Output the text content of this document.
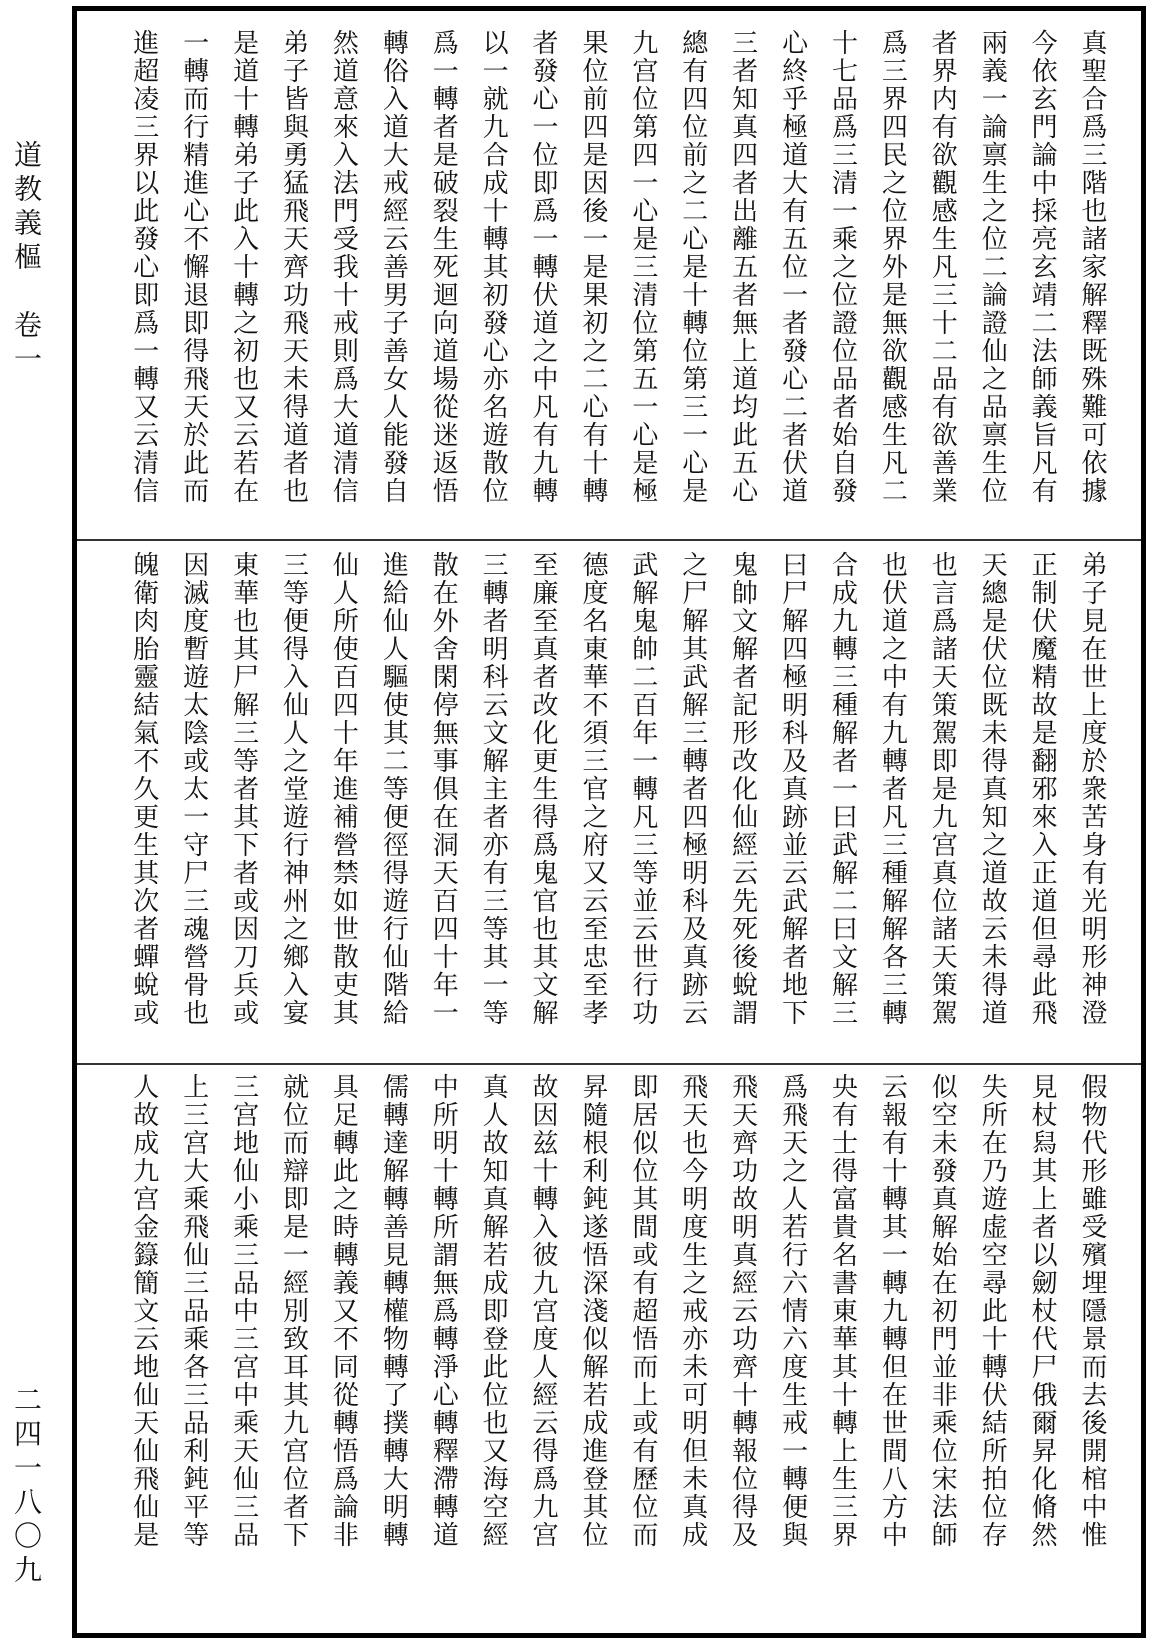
道教義樞　卷一
二四一八〇九
真聖合爲三階也諸家解釋既殊難可依據
今依玄門論中採亮玄靖二法師義旨凡有
兩義一論禀生之位二論證仙之品禀生位
者界内有欲觀感生凡三十二品有欲善業
爲三界四民之位界外是無欲觀感生凡二
十七品爲三清一乘之位證位品者始自發
心終乎極道大有五位一者發心二者伏道
三者知真四者出離五者無上道均此五心
總有四位前之二心是十轉位第三一心是
九宫位第四一心是三清位第五一心是極
果位前四是因後一是果初之二心有十轉
者發心一位即爲一轉伏道之中凡有九轉
以一就九合成十轉其初發心亦名遊散位
爲一轉者是破裂生死迴向道場從迷返悟
轉俗入道大戒經云善男子善女人能發自
然道意來入法門受我十戒則爲大道清信
弟子皆與勇猛飛天齊功飛天未得道者也
是道十轉弟子此入十轉之初也又云若在
一轉而行精進心不懈退即得飛天於此而
進超凌三界以此發心即爲一轉又云清信
弟子見在世上度於衆苦身有光明形神澄
正制伏魔精故是翻邪來入正道但尋此飛
天總是伏位既未得真知之道故云未得道
也言爲諸天策駕即是九宫真位諸天策駕
也伏道之中有九轉者凡三種解解各三轉
合成九轉三種解者一曰武解二曰文解三
曰尸解四極明科及真跡並云武解者地下
鬼帥文解者記形改化仙經云先死後蛻謂
之尸解其武解三轉者四極明科及真跡云
武解鬼帥二百年一轉凡三等並云世行功
德度名東華不須三官之府又云至忠至孝
至廉至真者改化更生得爲鬼官也其文解
三轉者明科云文解主者亦有三等其一等
散在外舍閑停無事俱在洞天百四十年一
進給仙人驅使其二等便徑得遊行仙階給
仙人所使百四十年進補營禁如世散吏其
三等便得入仙人之堂遊行神州之鄉入宴
東華也其尸解三等者其下者或因刀兵或
因滅度暫遊太陰或太一守尸三魂營骨也
魄衛肉胎靈結氣不久更生其次者蟬蛻或
假物代形雖受殯埋隱景而去後開棺中惟
見杖舄其上者以劒杖代尸俄爾昇化脩然
失所在乃遊虚空尋此十轉伏結所拍位存
似空未發真解始在初門並非乘位宋法師
云報有十轉其一轉九轉但在世間八方中
央有士得富貴名書東華其十轉上生三界
爲飛天之人若行六情六度生戒一轉便與
飛天齊功故明真經云功齊十轉報位得及
飛天也今明度生之戒亦未可明但未真成
即居似位其間或有超悟而上或有歷位而
昇隨根利鈍遂悟深淺似解若成進登其位
故因兹十轉入彼九宫度人經云得爲九宫
真人故知真解若成即登此位也又海空經
中所明十轉所謂無爲轉淨心轉釋滯轉道
儒轉達解轉善見轉權物轉了撲轉大明轉
具足轉此之時轉義又不同從轉悟爲論非
就位而辯即是一經別致耳其九宫位者下
三宫地仙小乘三品中三宫中乘天仙三品
上三宫大乘飛仙三品乘各三品利鈍平等
人故成九宫金籙簡文云地仙天仙飛仙是
